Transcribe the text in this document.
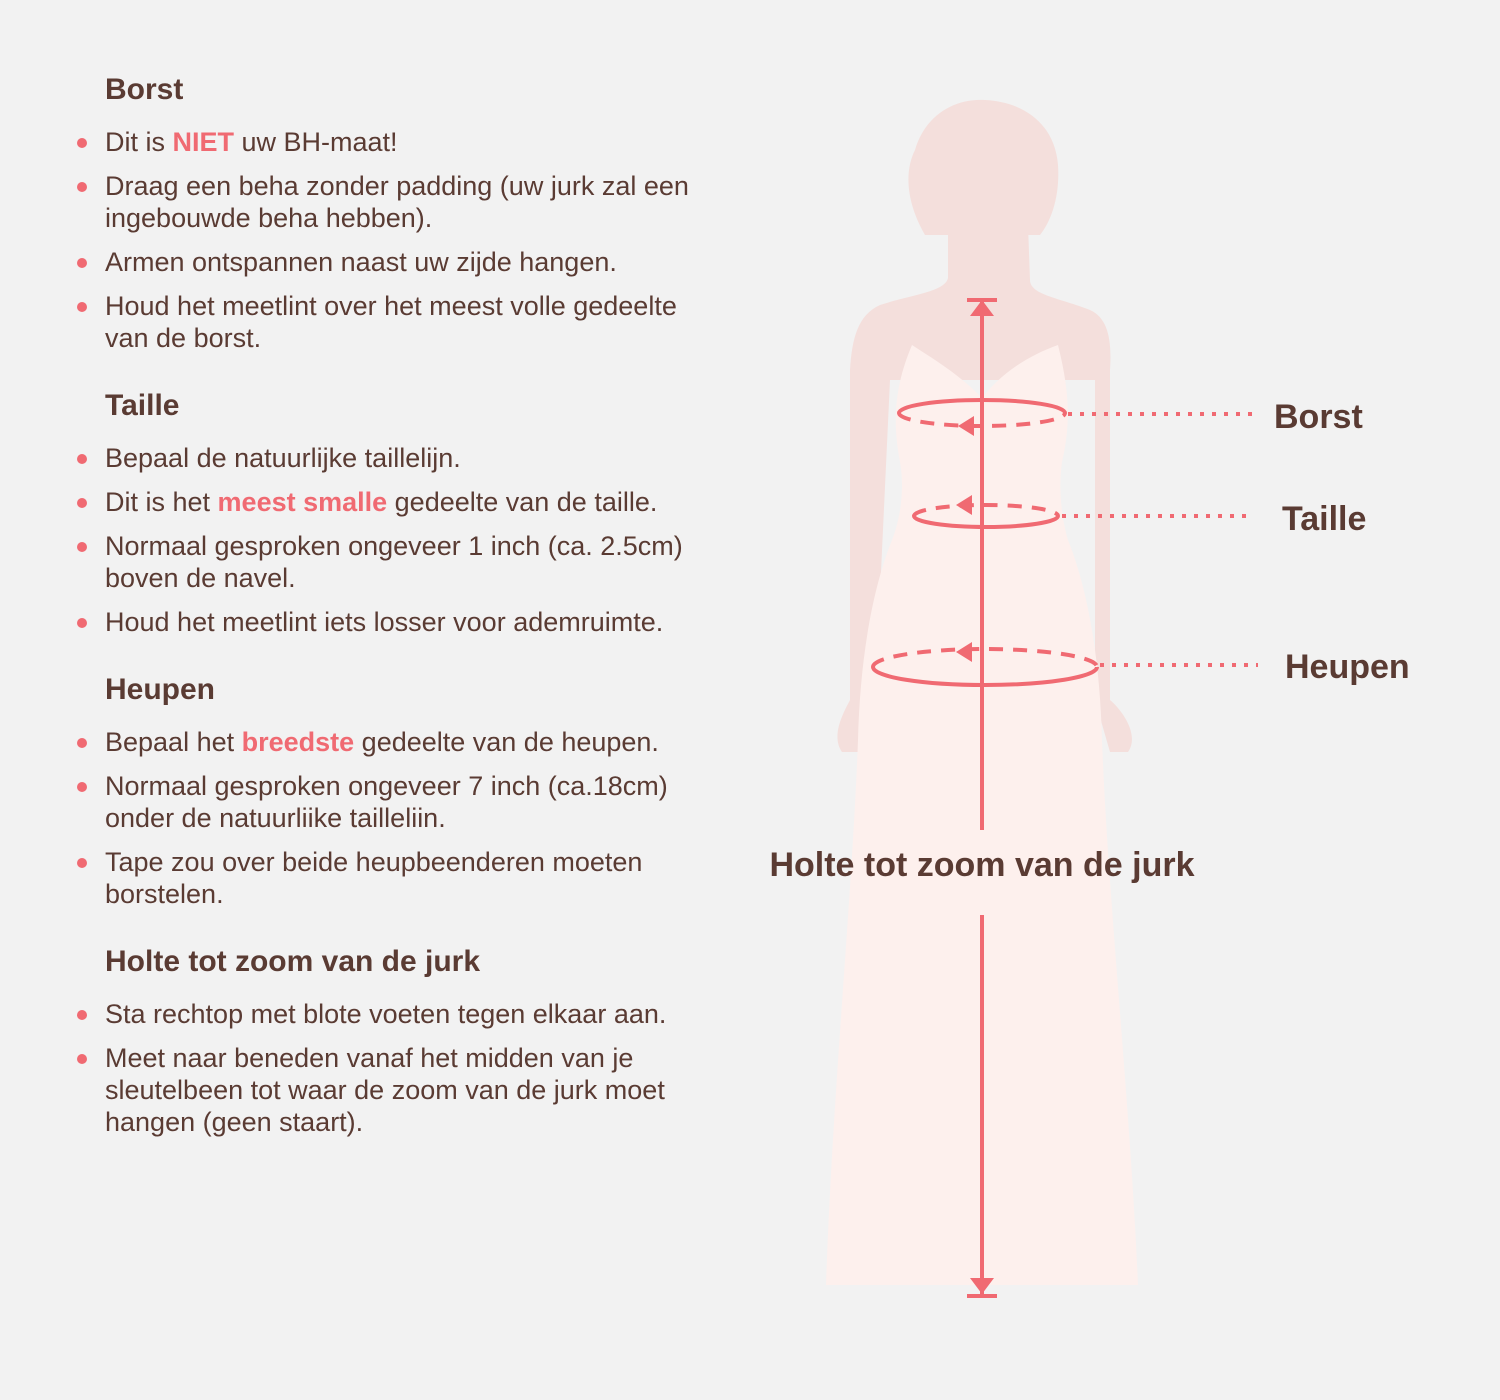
Borst
Dit is NIET uw BH-maat!
Draag een beha zonder padding (uw jurk zal een ingebouwde beha hebben).
Armen ontspannen naast uw zijde hangen.
Houd het meetlint over het meest volle gedeelte van de borst.
Taille
Bepaal de natuurlijke taillelijn.
Dit is het meest smalle gedeelte van de taille.
Normaal gesproken ongeveer 1 inch (ca. 2.5cm) boven de navel.
Houd het meetlint iets losser voor ademruimte.
Heupen
Bepaal het breedste gedeelte van de heupen.
Normaal gesproken ongeveer 7 inch (ca.18cm) onder de natuurliike tailleliin.
Tape zou over beide heupbeenderen moeten borstelen.
Holte tot zoom van de jurk
Sta rechtop met blote voeten tegen elkaar aan.
Meet naar beneden vanaf het midden van je sleutelbeen tot waar de zoom van de jurk moet hangen (geen staart).
Borst
Taille
Heupen
Holte tot zoom van de jurk
